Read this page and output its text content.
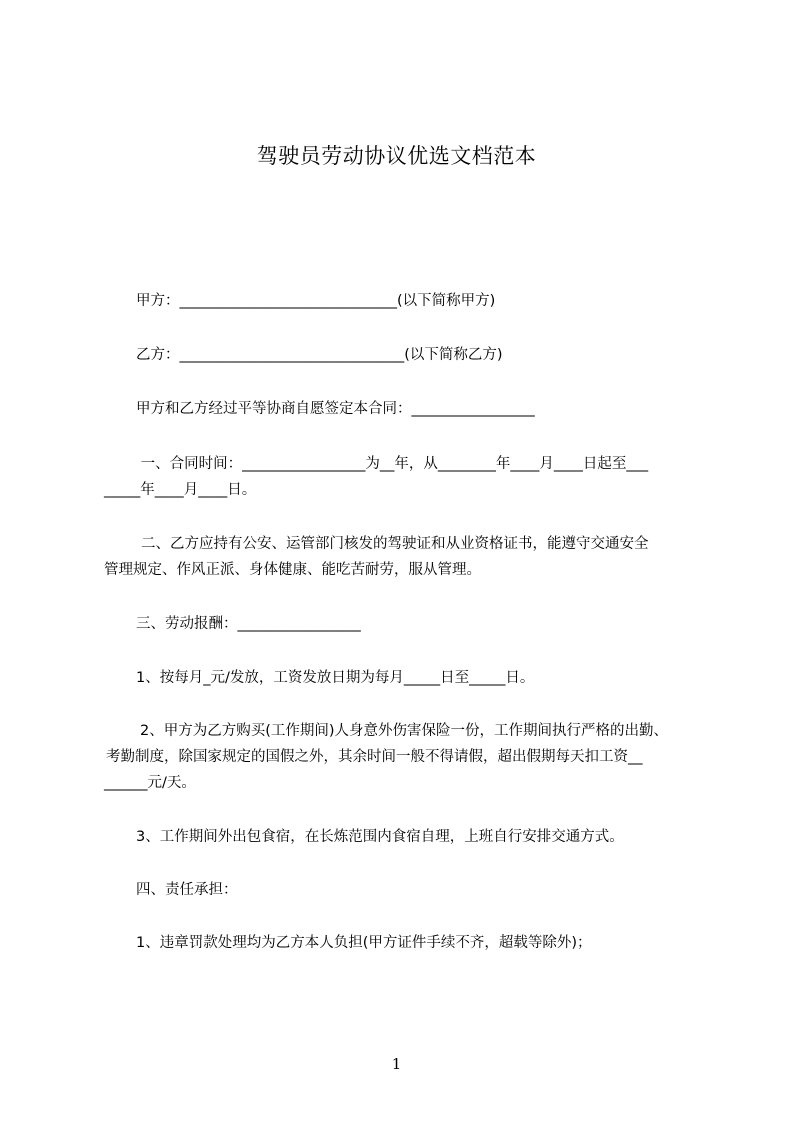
驾驶员劳动协议优选文档范本
甲方：______________________________(以下简称甲方)
乙方：_______________________________(以下简称乙方)
甲方和乙方经过平等协商自愿签定本合同：_________________
一、合同时间：_________________为__年，从________年____月____日起至___
_____年____月____日。
二、乙方应持有公安、运管部门核发的驾驶证和从业资格证书，能遵守交通安全
管理规定、作风正派、身体健康、能吃苦耐劳，服从管理。
三、劳动报酬：_________________
1、按每月_元/发放，工资发放日期为每月_____日至_____日。
2、甲方为乙方购买(工作期间)人身意外伤害保险一份，工作期间执行严格的出勤、
考勤制度，除国家规定的国假之外，其余时间一般不得请假，超出假期每天扣工资__
______元/天。
3、工作期间外出包食宿，在长炼范围内食宿自理，上班自行安排交通方式。
四、责任承担：
1、违章罚款处理均为乙方本人负担(甲方证件手续不齐，超载等除外)；
1
